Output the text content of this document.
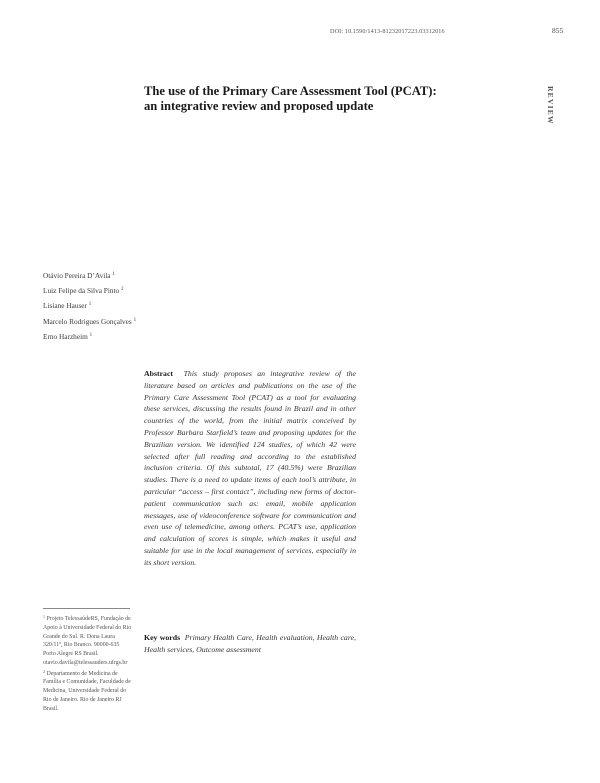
DOI: 10.1590/1413-81232017223.03312016	855
REVIEW
The use of the Primary Care Assessment Tool (PCAT):
an integrative review and proposed update
Otávio Pereira D’Avila $^1$
Luiz Felipe da Silva Pinto $^2$
Lisiane Hauser $^1$
Marcelo Rodrigues Gonçalves $^1$
Erno Harzheim $^1$
Abstract This study proposes an integrative review of the literature based on articles and publications on the use of the Primary Care Assessment Tool (PCAT) as a tool for evaluating these services, discussing the results found in Brazil and in other countries of the world, from the initial matrix conceived by Professor Barbara Starfield’s team and proposing updates for the Brazilian version. We identified 124 studies, of which 42 were selected after full reading and according to the established inclusion criteria. Of this subtotal, 17 (40.5%) were Brazilian studies. There is a need to update items of each tool’s attribute, in particular “access – first contact”, including new forms of doctor-patient communication such as: email, mobile application messages, use of videoconference software for communication and even use of telemedicine, among others. PCAT’s use, application and calculation of scores is simple, which makes it useful and suitable for use in the local management of services, especially in its short version.
Key words Primary Health Care, Health evaluation, Health care, Health services, Outcome assessment
$^1$ Projeto TelessaúdeRS, Fundação de Apoio à Universidade Federal do Rio Grande do Sul. R. Dona Laura 320/11º, Rio Branco. 90000-635 Porto Alegre RS Brasil. otavio.davila@telessauders.ufrgs.br
$^2$ Departamento de Medicina de Família e Comunidade, Faculdade de Medicina, Universidade Federal do Rio de Janeiro. Rio de Janeiro RJ Brasil.
